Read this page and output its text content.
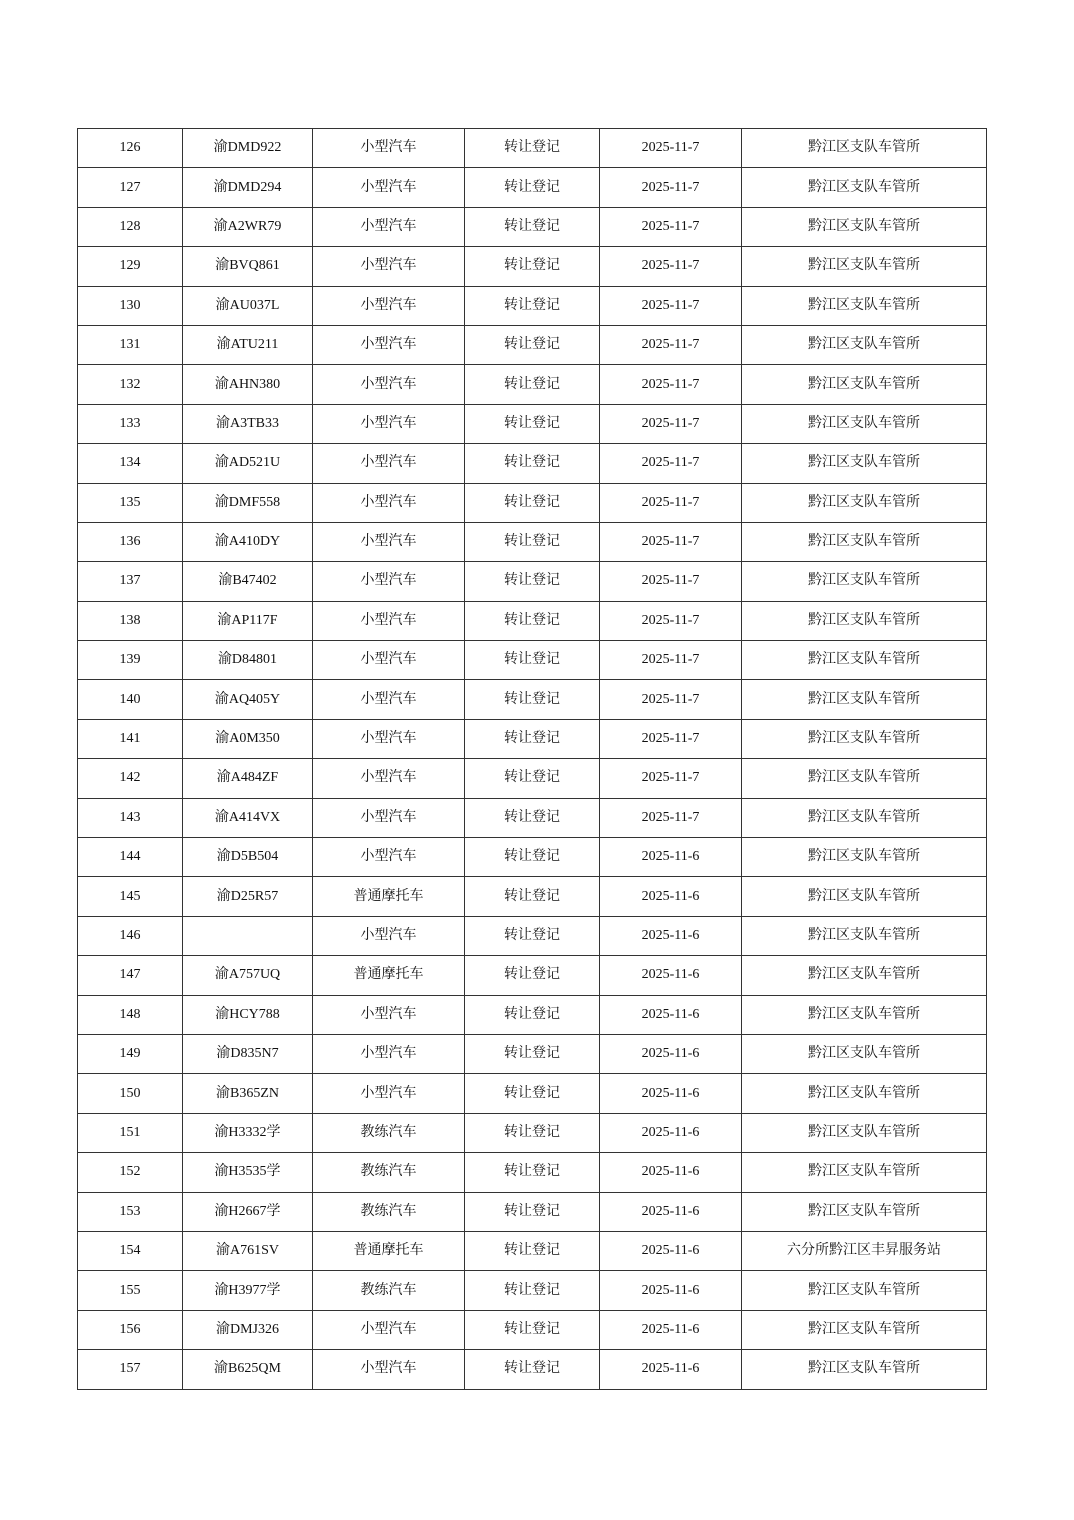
126	渝DMD922	小型汽车	转让登记	2025-11-7	黔江区支队车管所
127	渝DMD294	小型汽车	转让登记	2025-11-7	黔江区支队车管所
128	渝A2WR79	小型汽车	转让登记	2025-11-7	黔江区支队车管所
129	渝BVQ861	小型汽车	转让登记	2025-11-7	黔江区支队车管所
130	渝AU037L	小型汽车	转让登记	2025-11-7	黔江区支队车管所
131	渝ATU211	小型汽车	转让登记	2025-11-7	黔江区支队车管所
132	渝AHN380	小型汽车	转让登记	2025-11-7	黔江区支队车管所
133	渝A3TB33	小型汽车	转让登记	2025-11-7	黔江区支队车管所
134	渝AD521U	小型汽车	转让登记	2025-11-7	黔江区支队车管所
135	渝DMF558	小型汽车	转让登记	2025-11-7	黔江区支队车管所
136	渝A410DY	小型汽车	转让登记	2025-11-7	黔江区支队车管所
137	渝B47402	小型汽车	转让登记	2025-11-7	黔江区支队车管所
138	渝AP117F	小型汽车	转让登记	2025-11-7	黔江区支队车管所
139	渝D84801	小型汽车	转让登记	2025-11-7	黔江区支队车管所
140	渝AQ405Y	小型汽车	转让登记	2025-11-7	黔江区支队车管所
141	渝A0M350	小型汽车	转让登记	2025-11-7	黔江区支队车管所
142	渝A484ZF	小型汽车	转让登记	2025-11-7	黔江区支队车管所
143	渝A414VX	小型汽车	转让登记	2025-11-7	黔江区支队车管所
144	渝D5B504	小型汽车	转让登记	2025-11-6	黔江区支队车管所
145	渝D25R57	普通摩托车	转让登记	2025-11-6	黔江区支队车管所
146		小型汽车	转让登记	2025-11-6	黔江区支队车管所
147	渝A757UQ	普通摩托车	转让登记	2025-11-6	黔江区支队车管所
148	渝HCY788	小型汽车	转让登记	2025-11-6	黔江区支队车管所
149	渝D835N7	小型汽车	转让登记	2025-11-6	黔江区支队车管所
150	渝B365ZN	小型汽车	转让登记	2025-11-6	黔江区支队车管所
151	渝H3332学	教练汽车	转让登记	2025-11-6	黔江区支队车管所
152	渝H3535学	教练汽车	转让登记	2025-11-6	黔江区支队车管所
153	渝H2667学	教练汽车	转让登记	2025-11-6	黔江区支队车管所
154	渝A761SV	普通摩托车	转让登记	2025-11-6	六分所黔江区丰昇服务站
155	渝H3977学	教练汽车	转让登记	2025-11-6	黔江区支队车管所
156	渝DMJ326	小型汽车	转让登记	2025-11-6	黔江区支队车管所
157	渝B625QM	小型汽车	转让登记	2025-11-6	黔江区支队车管所
